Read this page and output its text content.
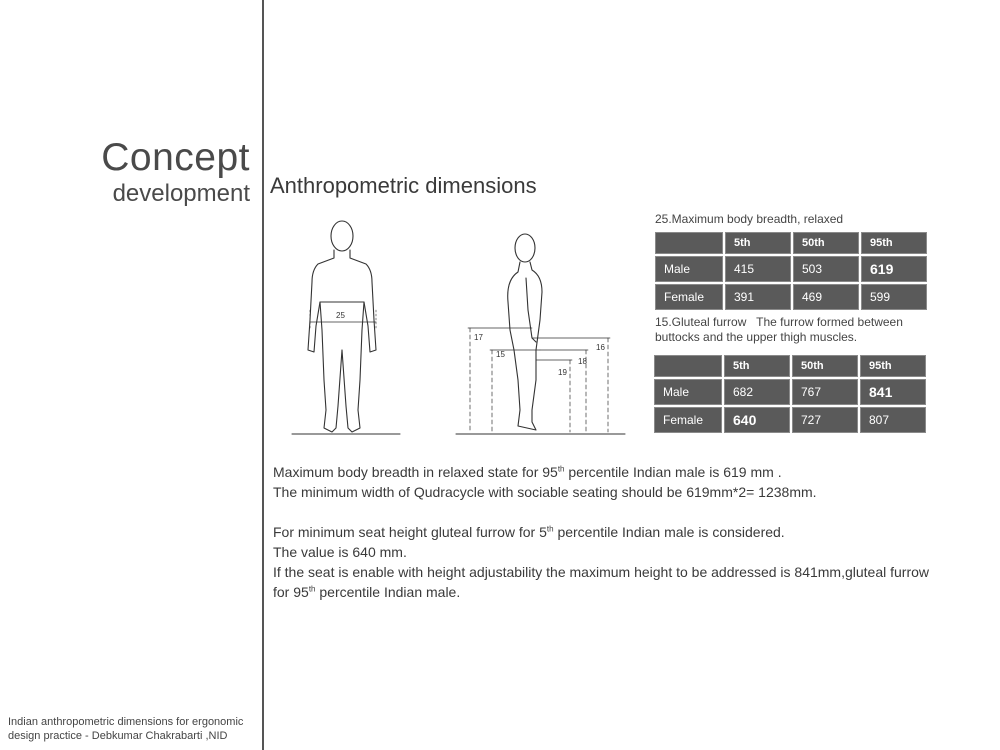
Concept
development Anthropometric dimensions
25
17
15
16
18
19
25.Maximum body breadth, relaxed
	5th	50th	95th
Male	415	503	619
Female	391	469	599
15.Gluteal furrow   The furrow formed between
buttocks and the upper thigh muscles.
	5th	50th	95th
Male	682	767	841
Female	640	727	807

Maximum body breadth in relaxed state for 95th percentile Indian male is 619 mm .

The minimum width of Qudracycle with sociable seating should be 619mm*2= 1238mm.

For minimum seat height gluteal furrow for 5th percentile Indian male is considered.

The value is 640 mm.

If the seat is enable with height adjustability the maximum height to be addressed is 841mm,gluteal furrow

for 95th percentile Indian male.

Indian anthropometric dimensions for ergonomic
design practice - Debkumar Chakrabarti ,NID
